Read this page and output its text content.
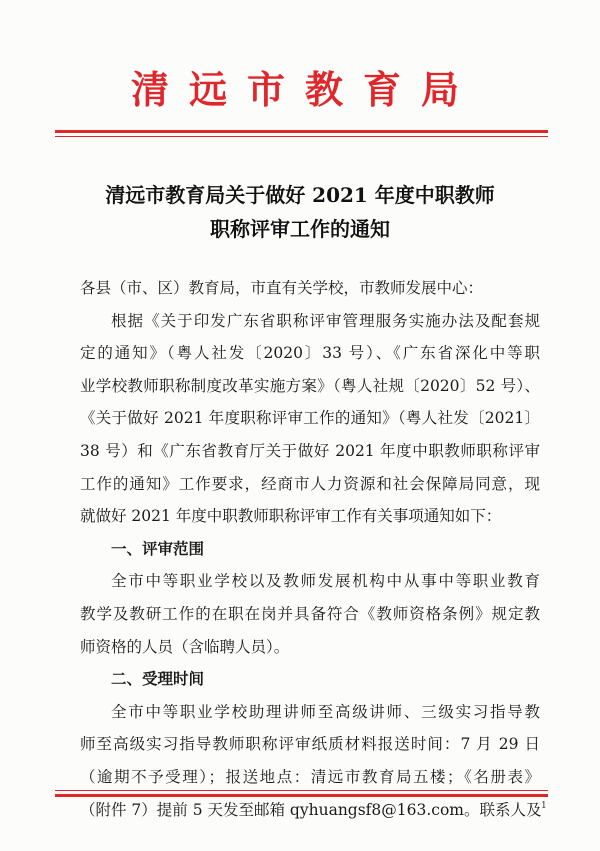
清远市教育局
清远市教育局关于做好 2021 年度中职教师
职称评审工作的通知
各县（市、区）教育局，市直有关学校，市教师发展中心：
根据《关于印发广东省职称评审管理服务实施办法及配套规
定的通知》（粤人社发〔2020〕33 号）、《广东省深化中等职
业学校教师职称制度改革实施方案》（粤人社规〔2020〕52 号）、
《关于做好 2021 年度职称评审工作的通知》（粤人社发〔2021〕
38 号）和《广东省教育厅关于做好 2021 年度中职教师职称评审
工作的通知》工作要求，经商市人力资源和社会保障局同意，现
就做好 2021 年度中职教师职称评审工作有关事项通知如下：
一、评审范围
全市中等职业学校以及教师发展机构中从事中等职业教育
教学及教研工作的在职在岗并具备符合《教师资格条例》规定教
师资格的人员（含临聘人员）。
二、受理时间
全市中等职业学校助理讲师至高级讲师、三级实习指导教
师至高级实习指导教师职称评审纸质材料报送时间：7 月 29 日
（逾期不予受理）；报送地点：清远市教育局五楼；《名册表》
（附件 7）提前 5 天发至邮箱 qyhuangsf8@163.com。联系人及 1
